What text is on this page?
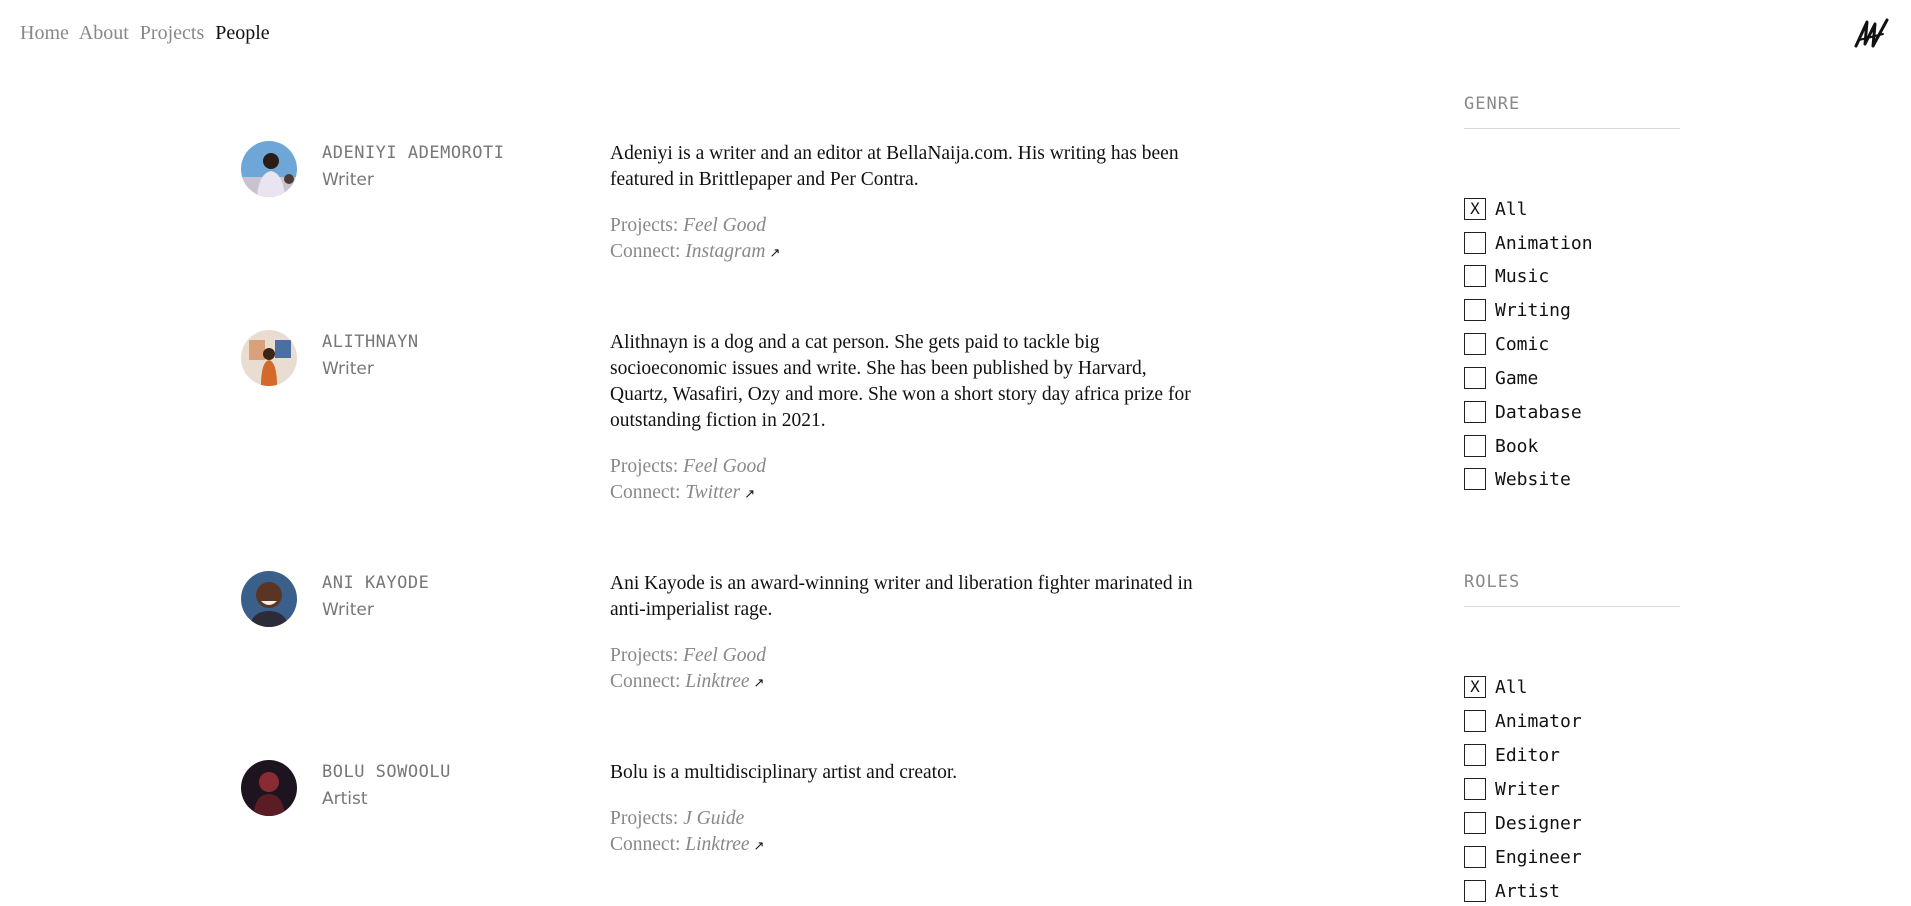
Home About Projects People
ADENIYI ADEMOROTI
Writer
Adeniyi is a writer and an editor at BellaNaija.com. His writing has been featured in Brittlepaper and Per Contra.
Projects: Feel Good
Connect: Instagram ↗
ALITHNAYN
Writer
Alithnayn is a dog and a cat person. She gets paid to tackle big socioeconomic issues and write. She has been published by Harvard, Quartz, Wasafiri, Ozy and more. She won a short story day africa prize for outstanding fiction in 2021.
Projects: Feel Good
Connect: Twitter ↗
ANI KAYODE
Writer
Ani Kayode is an award-winning writer and liberation fighter marinated in anti-imperialist rage.
Projects: Feel Good
Connect: Linktree ↗
BOLU SOWOOLU
Artist
Bolu is a multidisciplinary artist and creator.
Projects: J Guide
Connect: Linktree ↗
GENRE
X All
Animation
Music
Writing
Comic
Game
Database
Book
Website
ROLES
X All
Animator
Editor
Writer
Designer
Engineer
Artist
